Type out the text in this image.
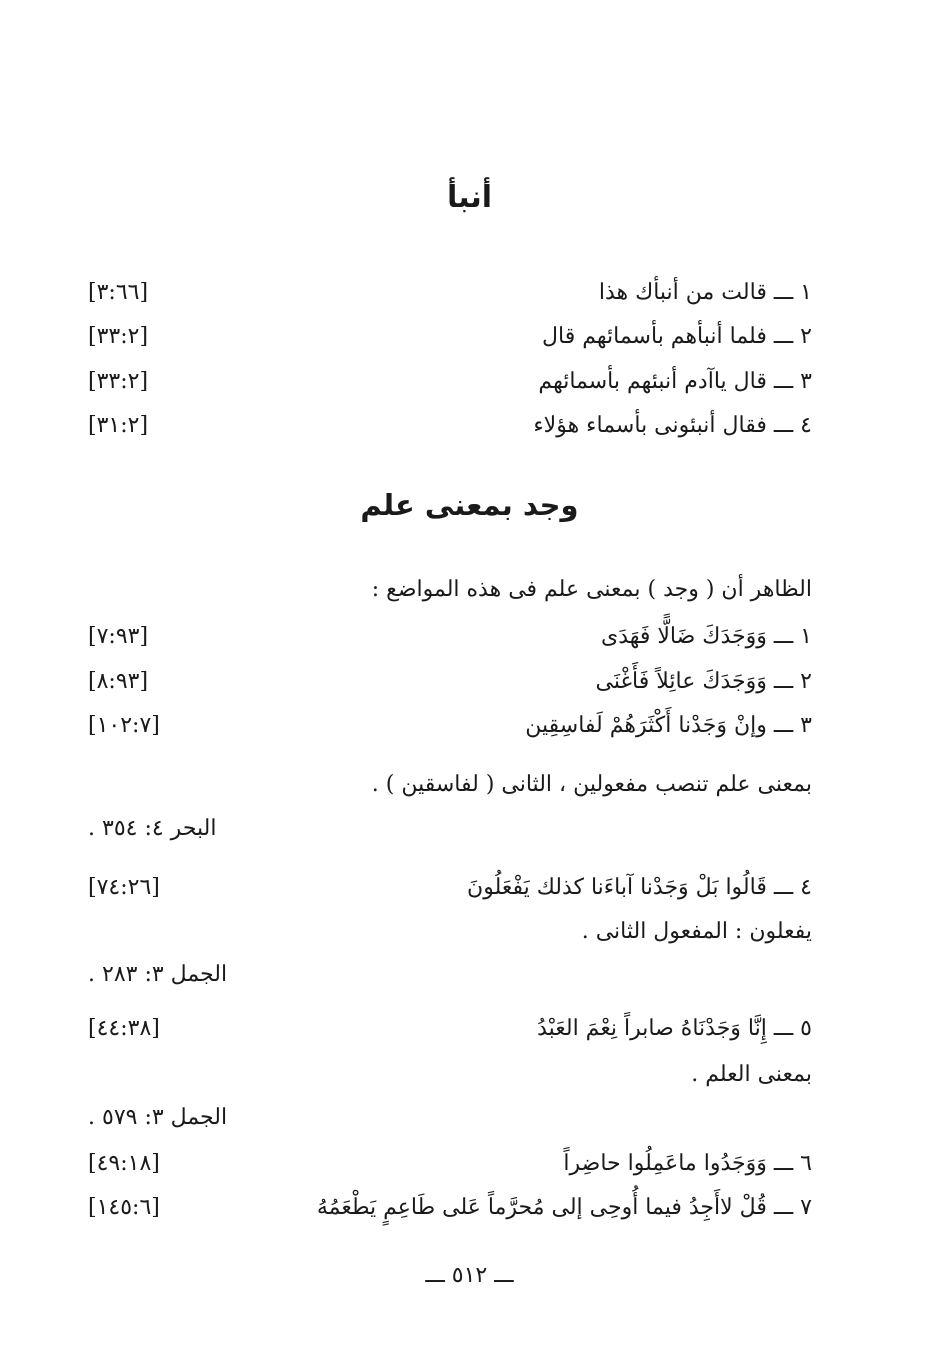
أنبأ
١ ـــ قالت من أنبأك هذا
[٣:٦٦]
٢ ـــ فلما أنبأهم بأسمائهم قال
[٣٣:٢]
٣ ـــ قال ياآدم أنبئهم بأسمائهم
[٣٣:٢]
٤ ـــ فقال أنبئونى بأسماء هؤلاء
[٣١:٢]
وجد بمعنى علم
الظاهر أن ( وجد ) بمعنى علم فى هذه المواضع :
١ ـــ وَوَجَدَكَ ضَالًّا فَهَدَى
[٧:٩٣]
٢ ـــ وَوَجَدَكَ عائِلاً فَأَغْنَى
[٨:٩٣]
٣ ـــ وإنْ وَجَدْنا أَكْثَرَهُمْ لَفاسِقِين
[١٠٢:٧]
بمعنى علم تنصب مفعولين ، الثانى ( لفاسقين ) .
البحر ٤: ٣٥٤ .
٤ ـــ قَالُوا بَلْ وَجَدْنا آباءَنا كذلك يَفْعَلُونَ
[٧٤:٢٦]
يفعلون : المفعول الثانى .
الجمل ٣: ٢٨٣ .
٥ ـــ إِنَّا وَجَدْنَاهُ صابراً نِعْمَ العَبْدُ
[٤٤:٣٨]
بمعنى العلم .
الجمل ٣: ٥٧٩ .
٦ ـــ وَوَجَدُوا ماعَمِلُوا حاضِراً
[٤٩:١٨]
٧ ـــ قُلْ لاأَجِدُ فيما أُوحِى إلى مُحرَّماً عَلى طَاعِمٍ يَطْعَمُهُ
[١٤٥:٦]
ـــ ٥١٢ ـــ
